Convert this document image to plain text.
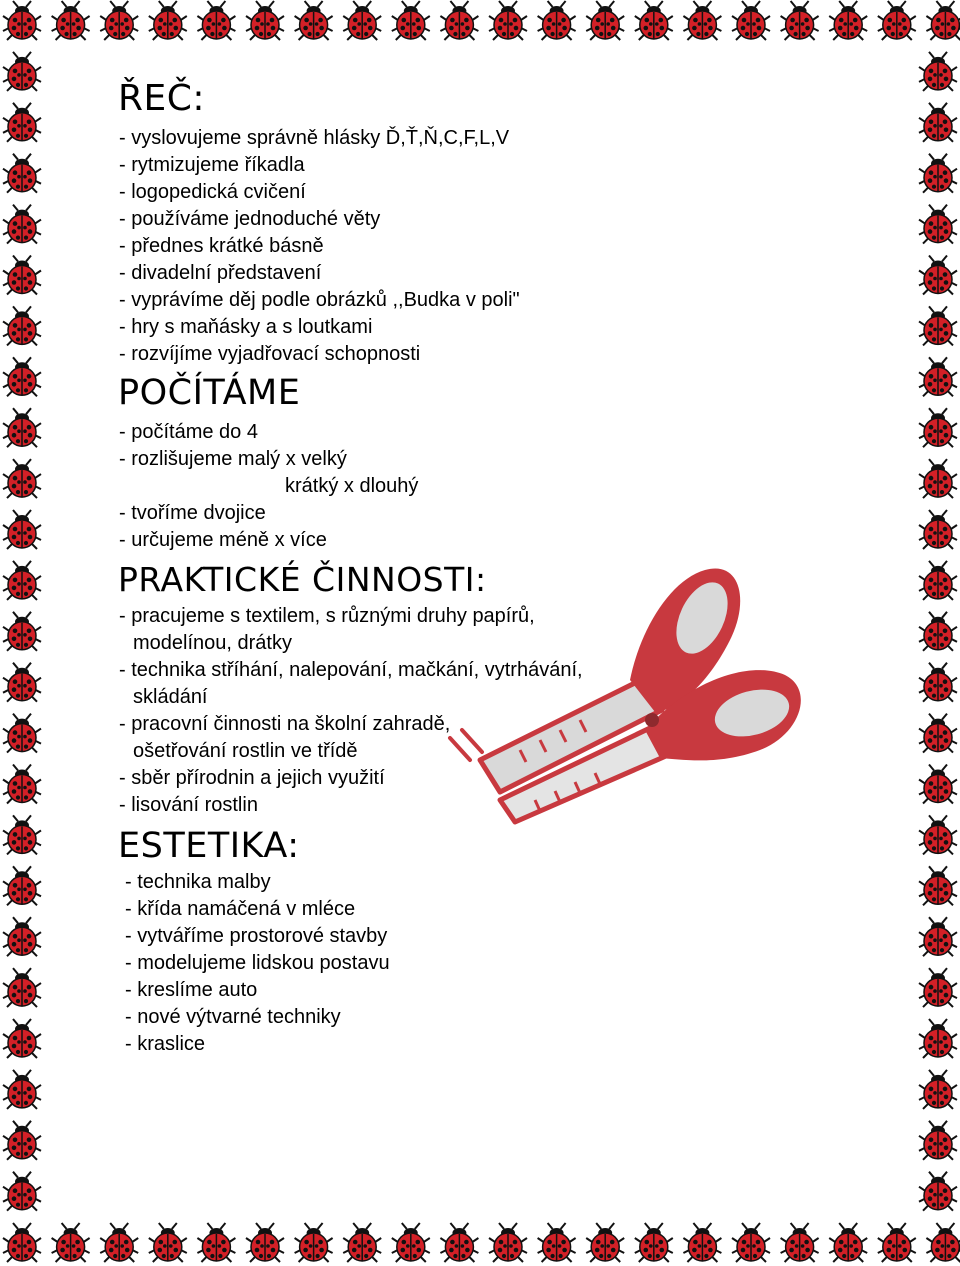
ŘEČ:
- vyslovujeme správně hlásky Ď,Ť,Ň,C,F,L,V
- rytmizujeme říkadla
- logopedická cvičení
- používáme jednoduché věty
- přednes krátké básně
- divadelní představení
- vyprávíme děj podle obrázků ,,Budka v poli"
- hry s maňásky a s loutkami
- rozvíjíme vyjadřovací schopnosti
POČÍTÁME
- počítáme do 4
- rozlišujeme malý x velký
krátký x dlouhý
- tvoříme dvojice
- určujeme méně x více
PRAKTICKÉ ČINNOSTI:
- pracujeme s textilem, s různými druhy papírů,
modelínou, drátky
- technika stříhání, nalepování, mačkání, vytrhávání,
skládání
- pracovní činnosti na školní zahradě,
ošetřování rostlin ve třídě
- sběr přírodnin a jejich využití
- lisování rostlin
ESTETIKA:
- technika malby
- křída namáčená v mléce
- vytváříme prostorové stavby
- modelujeme lidskou postavu
- kreslíme auto
- nové výtvarné techniky
- kraslice
